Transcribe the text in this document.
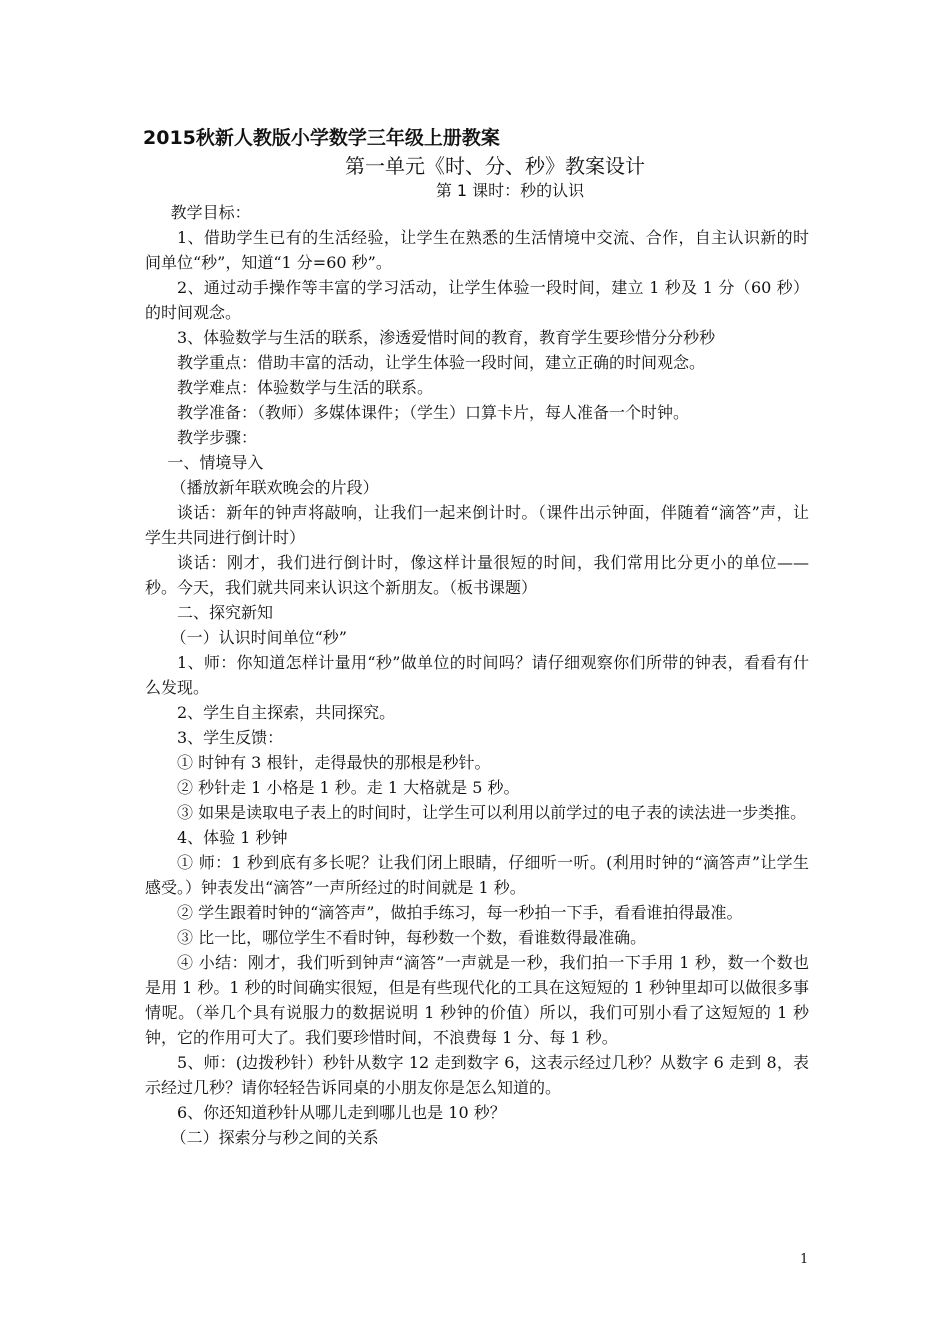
2015秋新人教版小学数学三年级上册教案
第一单元《时、分、秒》教案设计
第 1 课时：秒的认识

教学目标：

1、借助学生已有的生活经验，让学生在熟悉的生活情境中交流、合作，自主认识新的时间单位“秒”，知道“1 分=60 秒”。

2、通过动手操作等丰富的学习活动，让学生体验一段时间，建立 1 秒及 1 分（60 秒）的时间观念。

3、体验数学与生活的联系，渗透爱惜时间的教育，教育学生要珍惜分分秒秒

教学重点：借助丰富的活动，让学生体验一段时间，建立正确的时间观念。

教学难点：体验数学与生活的联系。

教学准备：（教师）多媒体课件；（学生）口算卡片，每人准备一个时钟。

教学步骤：

一、情境导入

（播放新年联欢晚会的片段）

谈话：新年的钟声将敲响，让我们一起来倒计时。（课件出示钟面，伴随着“滴答”声，让学生共同进行倒计时）

谈话：刚才，我们进行倒计时，像这样计量很短的时间，我们常用比分更小的单位——秒。今天，我们就共同来认识这个新朋友。（板书课题）

二、探究新知

（一）认识时间单位“秒”

1、师：你知道怎样计量用“秒”做单位的时间吗？请仔细观察你们所带的钟表，看看有什么发现。

2、学生自主探索，共同探究。

3、学生反馈：

① 时钟有 3 根针，走得最快的那根是秒针。

② 秒针走 1 小格是 1 秒。走 1 大格就是 5 秒。

③ 如果是读取电子表上的时间时，让学生可以利用以前学过的电子表的读法进一步类推。

4、体验 1 秒钟

① 师：1 秒到底有多长呢？让我们闭上眼睛，仔细听一听。(利用时钟的“滴答声”让学生感受。）钟表发出“滴答”一声所经过的时间就是 1 秒。

② 学生跟着时钟的“滴答声”，做拍手练习，每一秒拍一下手，看看谁拍得最准。

③ 比一比，哪位学生不看时钟，每秒数一个数，看谁数得最准确。

④ 小结：刚才，我们听到钟声“滴答”一声就是一秒，我们拍一下手用 1 秒，数一个数也是用 1 秒。1 秒的时间确实很短，但是有些现代化的工具在这短短的 1 秒钟里却可以做很多事情呢。（举几个具有说服力的数据说明 1 秒钟的价值）所以，我们可别小看了这短短的 1 秒钟，它的作用可大了。我们要珍惜时间，不浪费每 1 分、每 1 秒。

5、师：(边拨秒针）秒针从数字 12 走到数字 6，这表示经过几秒？从数字 6 走到 8，表示经过几秒？请你轻轻告诉同桌的小朋友你是怎么知道的。

6、你还知道秒针从哪儿走到哪儿也是 10 秒？

（二）探索分与秒之间的关系

1
